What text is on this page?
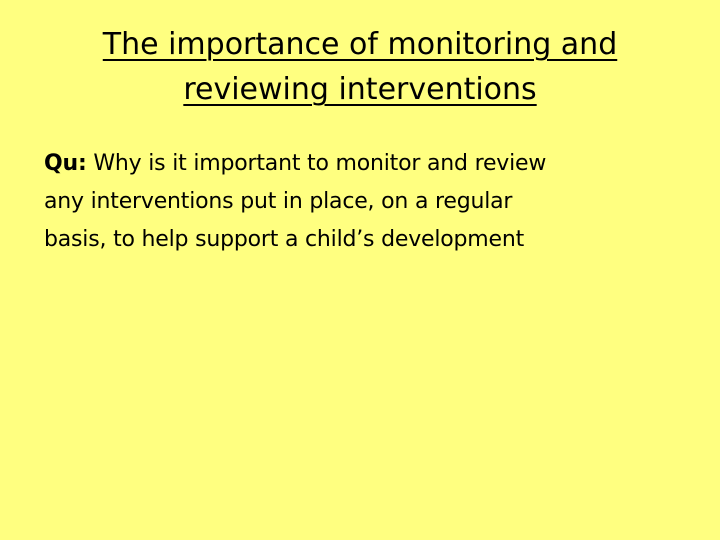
The importance of monitoring and
reviewing interventions

Qu: Why is it important to monitor and review
any interventions put in place, on a regular
basis, to help support a child’s development
